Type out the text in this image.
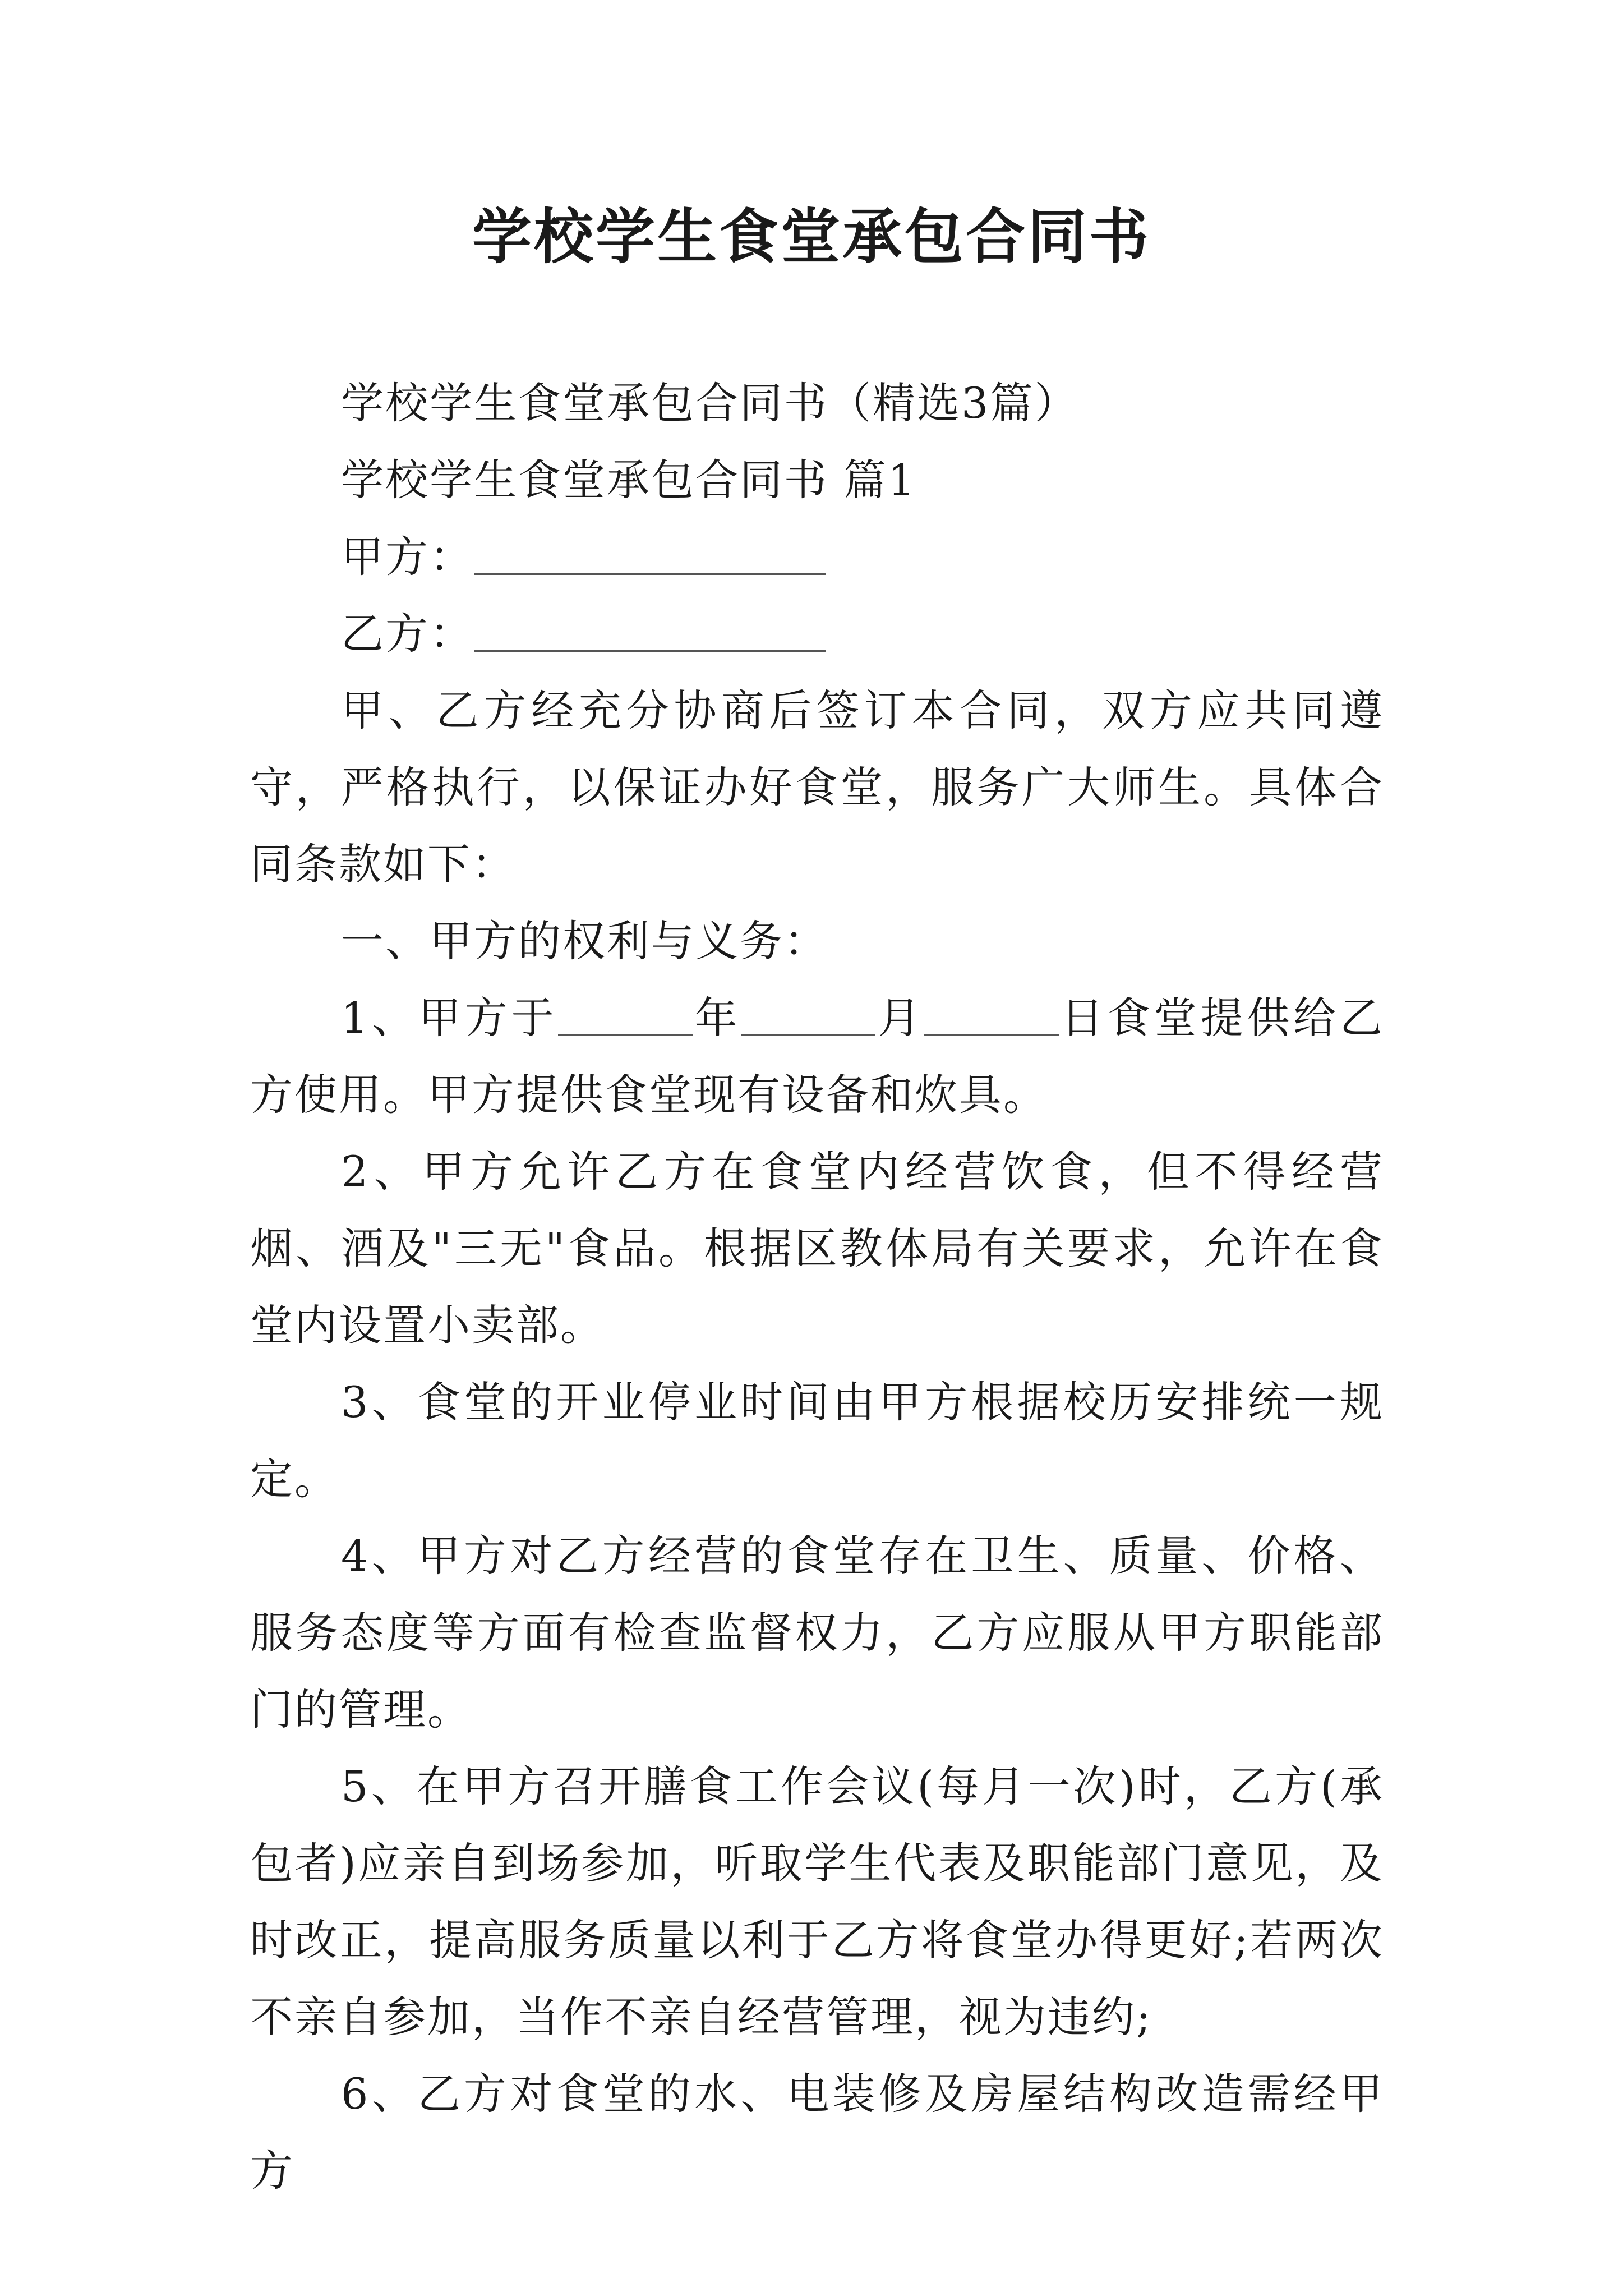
学校学生食堂承包合同书

学校学生食堂承包合同书（精选3篇）

学校学生食堂承包合同书 篇1

甲方：

乙方：

甲、乙方经充分协商后签订本合同，双方应共同遵守，严格执行，以保证办好食堂，服务广大师生。具体合同条款如下：

一、甲方的权利与义务：

1、甲方于	年	月	日食堂提供给乙方使用。甲方提供食堂现有设备和炊具。

2、甲方允许乙方在食堂内经营饮食，但不得经营烟、酒及"三无"食品。根据区教体局有关要求，允许在食堂内设置小卖部。

3、食堂的开业停业时间由甲方根据校历安排统一规定。

4、甲方对乙方经营的食堂存在卫生、质量、价格、服务态度等方面有检查监督权力，乙方应服从甲方职能部门的管理。

5、在甲方召开膳食工作会议(每月一次)时，乙方(承包者)应亲自到场参加，听取学生代表及职能部门意见，及时改正，提高服务质量以利于乙方将食堂办得更好;若两次不亲自参加，当作不亲自经营管理，视为违约;

6、乙方对食堂的水、电装修及房屋结构改造需经甲方
